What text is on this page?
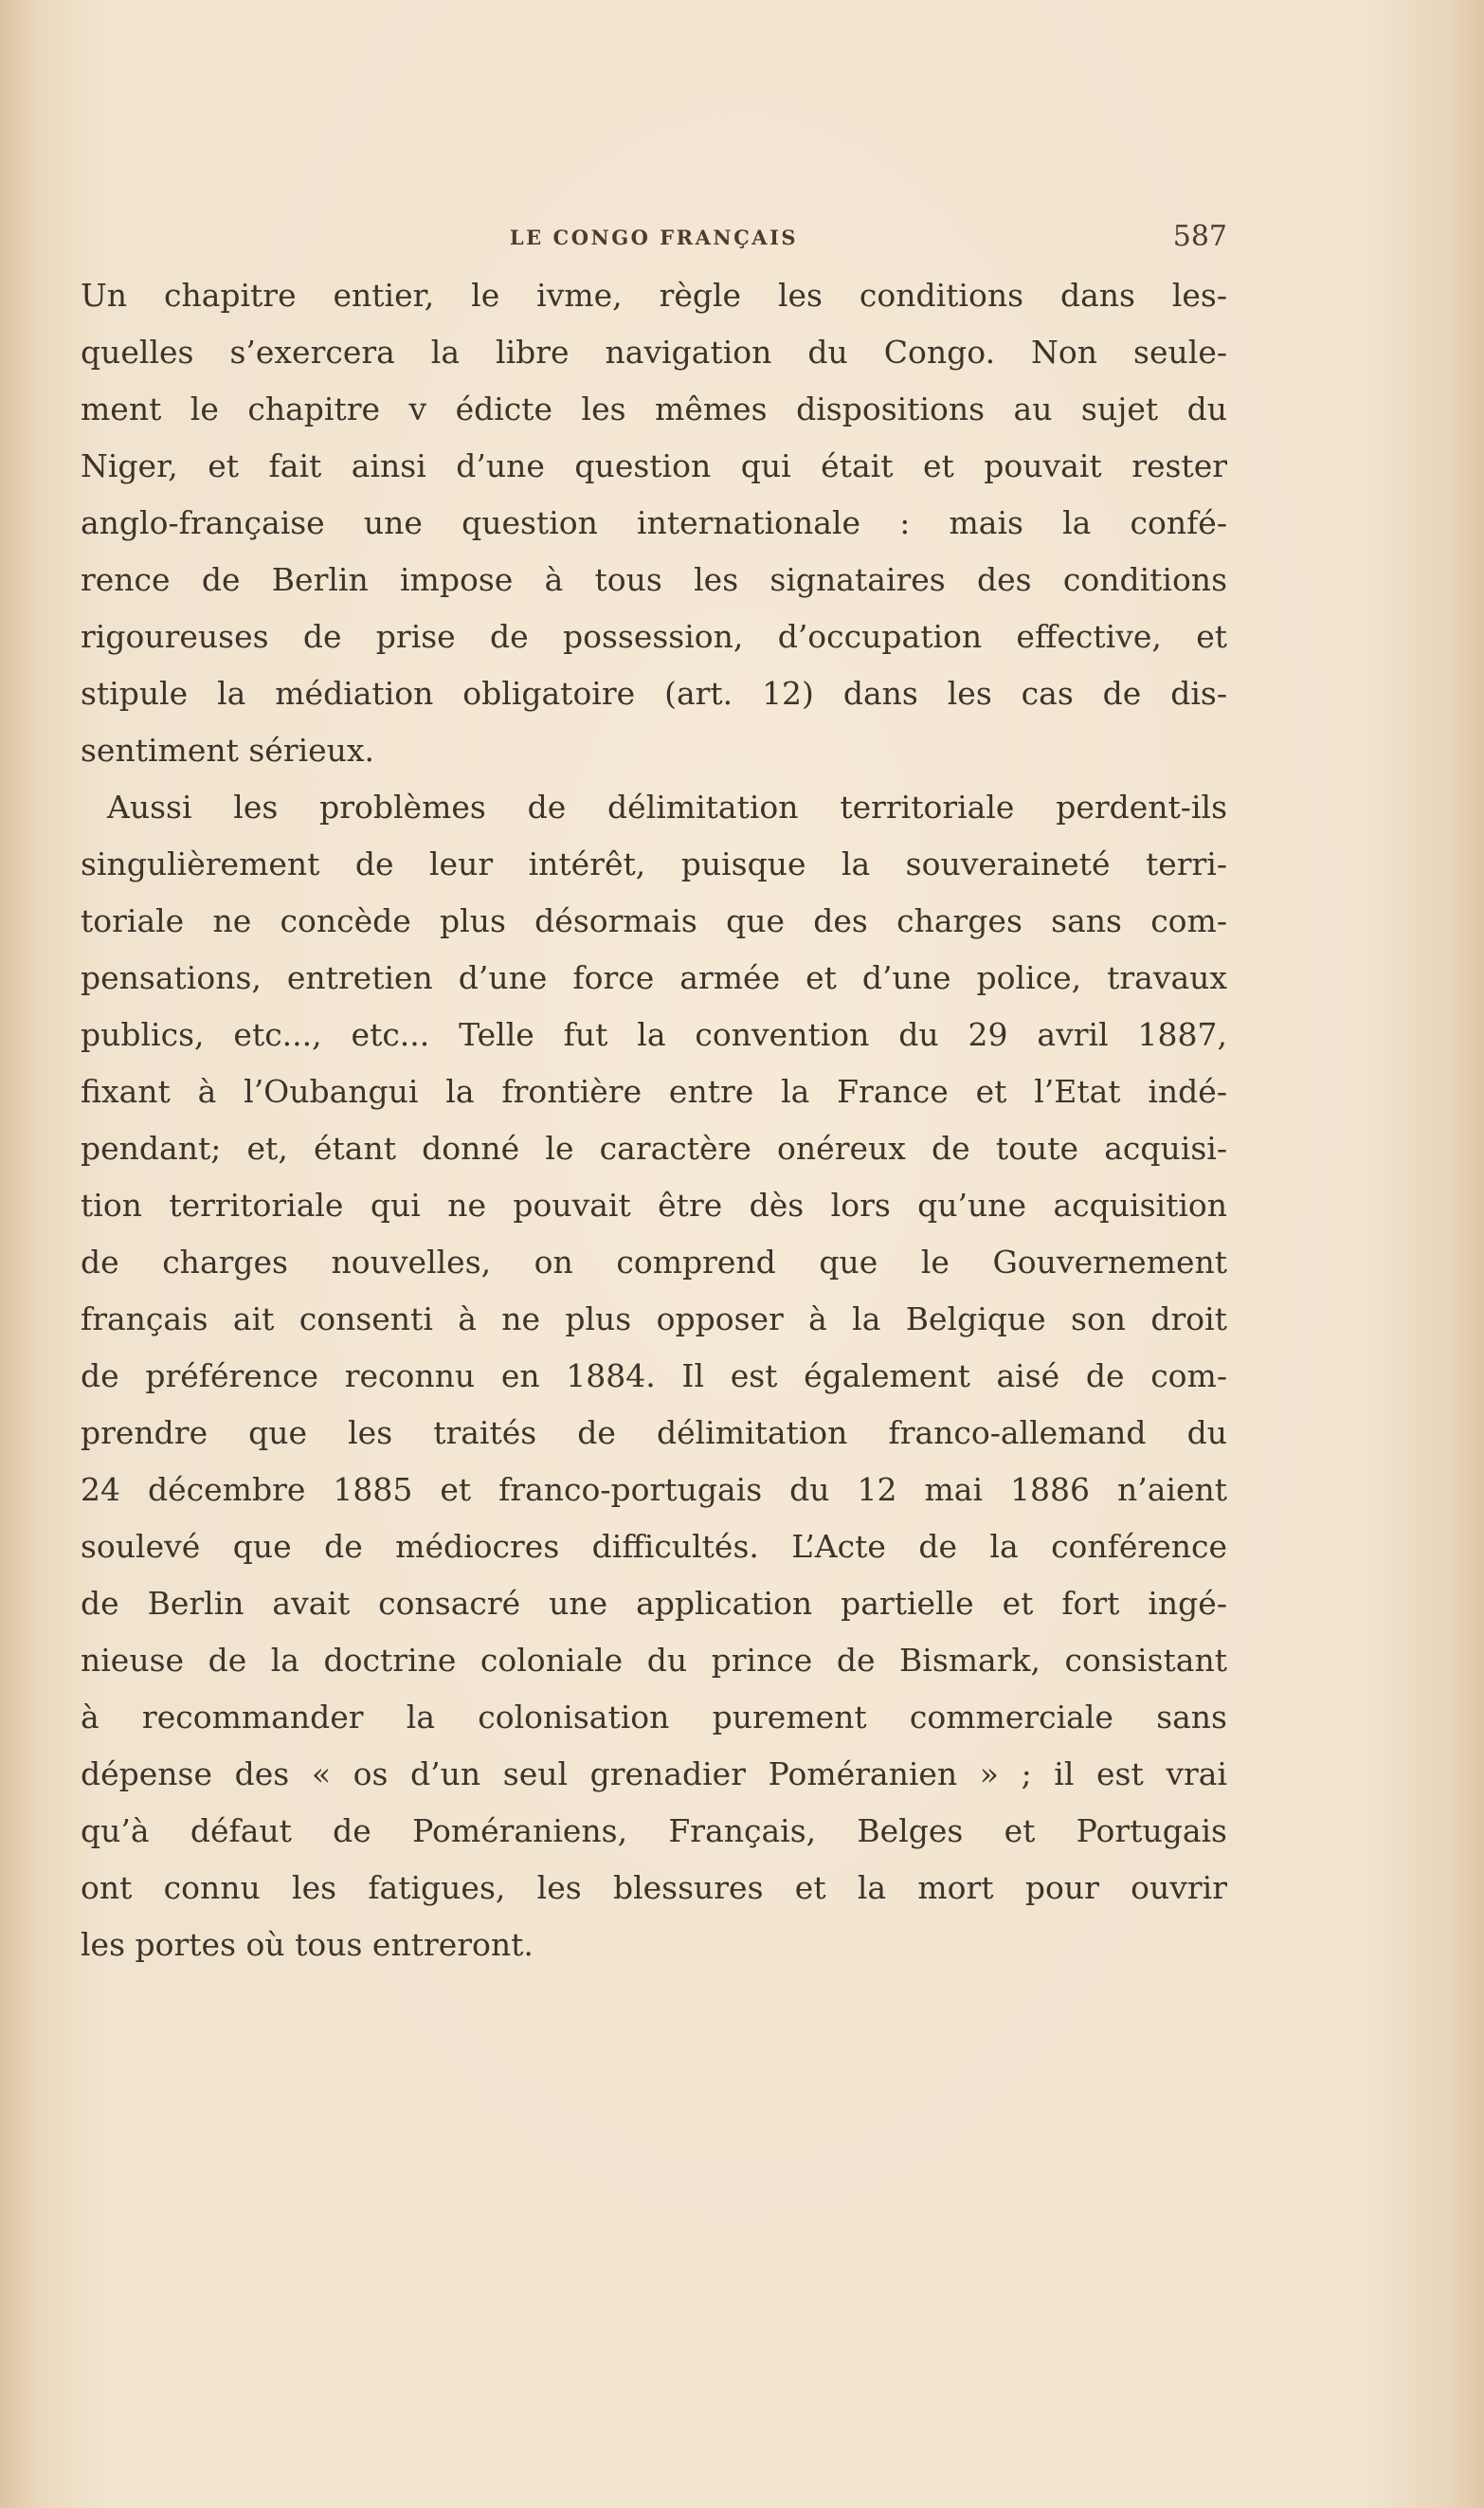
LE CONGO FRANÇAIS	587
Un chapitre entier, le ivme, règle les conditions dans les-
quelles s’exercera la libre navigation du Congo. Non seule-
ment le chapitre v édicte les mêmes dispositions au sujet du
Niger, et fait ainsi d’une question qui était et pouvait rester
anglo-française une question internationale : mais la confé-
rence de Berlin impose à tous les signataires des conditions
rigoureuses de prise de possession, d’occupation effective, et
stipule la médiation obligatoire (art. 12) dans les cas de dis-
sentiment sérieux.
Aussi les problèmes de délimitation territoriale perdent-ils
singulièrement de leur intérêt, puisque la souveraineté terri-
toriale ne concède plus désormais que des charges sans com-
pensations, entretien d’une force armée et d’une police, travaux
publics, etc..., etc... Telle fut la convention du 29 avril 1887,
fixant à l’Oubangui la frontière entre la France et l’Etat indé-
pendant; et, étant donné le caractère onéreux de toute acquisi-
tion territoriale qui ne pouvait être dès lors qu’une acquisition
de charges nouvelles, on comprend que le Gouvernement
français ait consenti à ne plus opposer à la Belgique son droit
de préférence reconnu en 1884. Il est également aisé de com-
prendre que les traités de délimitation franco-allemand du
24 décembre 1885 et franco-portugais du 12 mai 1886 n’aient
soulevé que de médiocres difficultés. L’Acte de la conférence
de Berlin avait consacré une application partielle et fort ingé-
nieuse de la doctrine coloniale du prince de Bismark, consistant
à recommander la colonisation purement commerciale sans
dépense des « os d’un seul grenadier Poméranien » ; il est vrai
qu’à défaut de Poméraniens, Français, Belges et Portugais
ont connu les fatigues, les blessures et la mort pour ouvrir
les portes où tous entreront.
